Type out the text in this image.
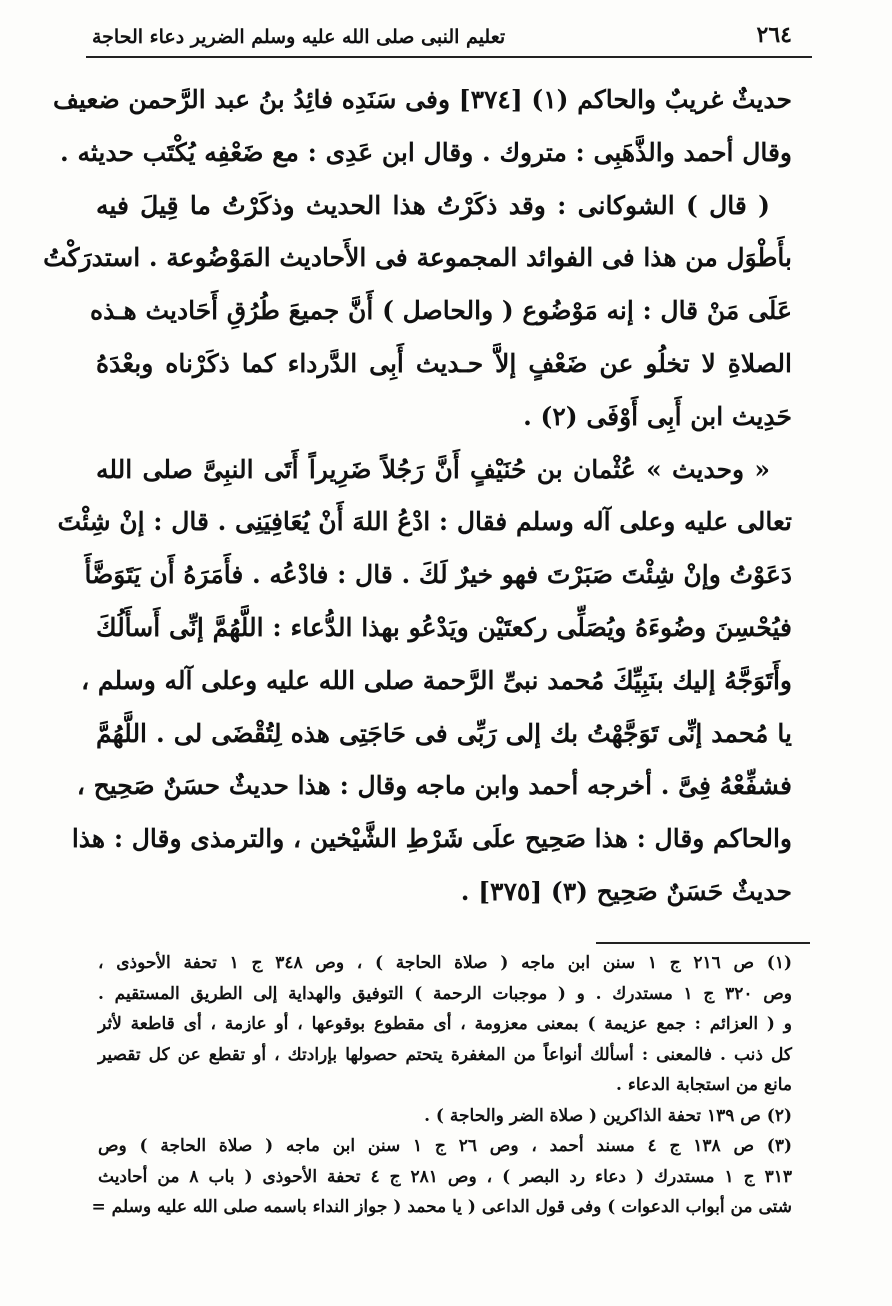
٢٦٤
تعليم النبى صلى الله عليه وسلم الضرير دعاء الحاجة

حديثٌ غريبٌ والحاكم (١) [٣٧٤] وفى سَنَدِه فائِدُ بنُ عبد الرَّحمن ضعيف
وقال أحمد والذَّهَبِى : متروك . وقال ابن عَدِى : مع ضَعْفِه يُكْتَب حديثه .

( قال ) الشوكانى : وقد ذكَرْتُ هذا الحديث وذكَرْتُ ما قِيلَ فيه
بأَطْوَل من هذا فى الفوائد المجموعة فى الأَحاديث المَوْضُوعة . استدرَكْتُ
عَلَى مَنْ قال : إنه مَوْضُوع ( والحاصل ) أَنَّ جميعَ طُرُقِ أَحَاديث هـذه
الصلاةِ لا تخلُو عن ضَعْفٍ إلاَّ حـديث أَبِى الدَّرداء كما ذكَرْناه وبعْدَهُ
حَدِيث ابن أَبِى أَوْفَى (٢) .

« وحديث » عُثْمان بن حُنَيْفٍ أَنَّ رَجُلاً ضَرِيراً أَتَى النبِىَّ صلى الله
تعالى عليه وعلى آله وسلم فقال : ادْعُ اللهَ أَنْ يُعَافِيَنِى . قال : إنْ شِئْتَ
دَعَوْتُ وإنْ شِئْتَ صَبَرْتَ فهو خيرٌ لَكَ . قال : فادْعُه . فأَمَرَهُ أَن يَتَوَضَّأَ
فيُحْسِنَ وضُوءَهُ ويُصَلِّى ركعتَيْن ويَدْعُو بهذا الدُّعاء : اللَّهُمَّ إنِّى أَسأَلُكَ
وأَتَوَجَّهُ إليك بنَبِيِّكَ مُحمد نبىِّ الرَّحمة صلى الله عليه وعلى آله وسلم ،
يا مُحمد إنِّى تَوَجَّهْتُ بك إلى رَبِّى فى حَاجَتِى هذه لِتُقْضَى لى . اللَّهُمَّ
فشفِّعْهُ فِىَّ . أخرجه أحمد وابن ماجه وقال : هذا حديثٌ حسَنٌ صَحِيح ،
والحاكم وقال : هذا صَحِيح علَى شَرْطِ الشَّيْخين ، والترمذى وقال : هذا
حديثٌ حَسَنٌ صَحِيح (٣) [٣٧٥] .

(١) ص ٢١٦ ج ١ سنن ابن ماجه ( صلاة الحاجة ) ، وص ٣٤٨ ج ١ تحفة الأحوذى ،
وص ٣٢٠ ج ١ مستدرك . و ( موجبات الرحمة ) التوفيق والهداية إلى الطريق المستقيم .
و ( العزائم : جمع عزيمة ) بمعنى معزومة ، أى مقطوع بوقوعها ، أو عازمة ، أى قاطعة لأثر
كل ذنب . فالمعنى : أسألك أنواعاً من المغفرة يتحتم حصولها بإرادتك ، أو تقطع عن كل تقصير
مانع من استجابة الدعاء .
(٢) ص ١٣٩ تحفة الذاكرين ( صلاة الضر والحاجة ) .
(٣) ص ١٣٨ ج ٤ مسند أحمد ، وص ٢٦ ج ١ سنن ابن ماجه ( صلاة الحاجة ) وص
٣١٣ ج ١ مستدرك ( دعاء رد البصر ) ، وص ٢٨١ ج ٤ تحفة الأحوذى ( باب ٨ من أحاديث
شتى من أبواب الدعوات ) وفى قول الداعى ( يا محمد ( جواز النداء باسمه صلى الله عليه وسلم =
